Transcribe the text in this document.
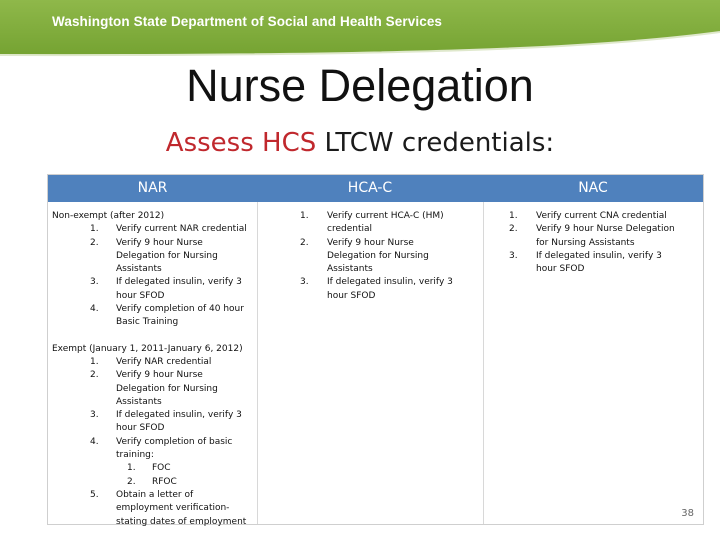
Washington State Department of Social and Health Services
Nurse Delegation
Assess HCS LTCW credentials:
NAR	HCA-C	NAC
Non-exempt (after 2012)
1. Verify current NAR credential
2. Verify 9 hour Nurse Delegation for Nursing Assistants
3. If delegated insulin, verify 3 hour SFOD
4. Verify completion of 40 hour Basic Training
Exempt (January 1, 2011-January 6, 2012)
1. Verify NAR credential
2. Verify 9 hour Nurse Delegation for Nursing Assistants
3. If delegated insulin, verify 3 hour SFOD
4. Verify completion of basic training:
1. FOC
2. RFOC
5. Obtain a letter of employment verification-stating dates of employment
1. Verify current HCA-C (HM) credential
2. Verify 9 hour Nurse Delegation for Nursing Assistants
3. If delegated insulin, verify 3 hour SFOD
1. Verify current CNA credential
2. Verify 9 hour Nurse Delegation for Nursing Assistants
3. If delegated insulin, verify 3 hour SFOD
38
